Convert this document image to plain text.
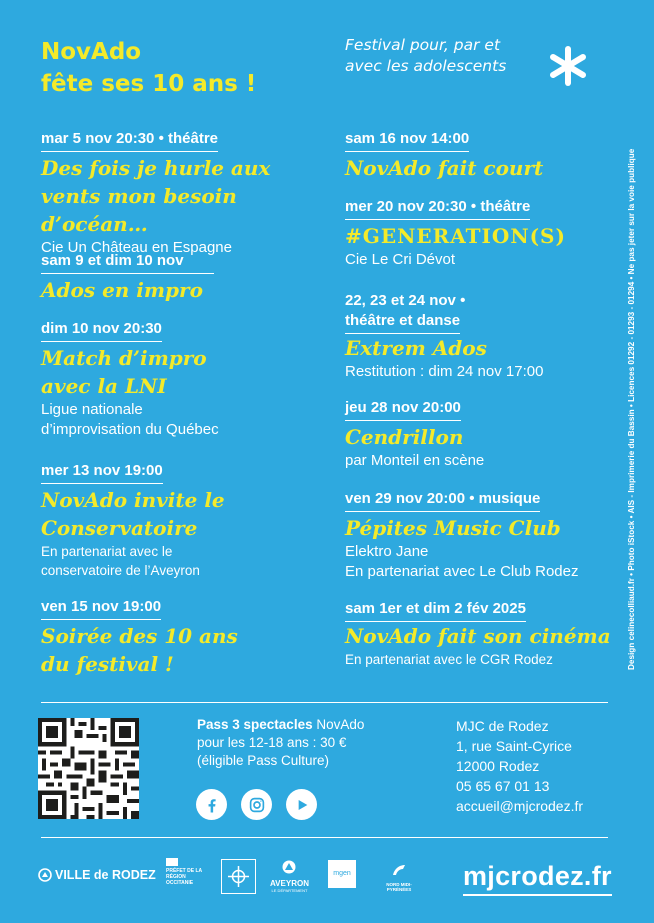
NovAdo
fête ses 10 ans !
Festival pour, par et avec les adolescents
mar 5 nov 20:30 • théâtre
Des fois je hurle aux vents mon besoin d’océan…
Cie Un Château en Espagne
sam 9 et dim 10 nov
Ados en impro
dim 10 nov 20:30
Match d’impro avec la LNI
Ligue nationale
d’improvisation du Québec
mer 13 nov 19:00
NovAdo invite le Conservatoire
En partenariat avec le
conservatoire de l’Aveyron
ven 15 nov 19:00
Soirée des 10 ans du festival !
sam 16 nov 14:00
NovAdo fait court
mer 20 nov 20:30 • théâtre
#GENERATION(S)
Cie Le Cri Dévot
22, 23 et 24 nov •
théâtre et danse
Extrem Ados
Restitution : dim 24 nov 17:00
jeu 28 nov 20:00
Cendrillon
par Monteil en scène
ven 29 nov 20:00 • musique
Pépites Music Club
Elektro Jane
En partenariat avec Le Club Rodez
sam 1er et dim 2 fév 2025
NovAdo fait son cinéma
En partenariat avec le CGR Rodez	Design celinecolliaud.fr • Photo iStock • AIS - Imprimerie du Bassin • Licences 01292 - 01293 - 01294 • Ne pas jeter sur la voie publique
Pass 3 spectacles NovAdo
pour les 12-18 ans : 30 €
(éligible Pass Culture)
MJC de Rodez
1, rue Saint-Cyrice
12000 Rodez
05 65 67 01 13
accueil@mjcrodez.fr
VILLE de RODEZ PRÉFET DE LA RÉGION OCCITANIE	AVEYRON
LE DÉPARTEMENT
mgen
NORD MIDI-PYRÉNÉES	mjcrodez.fr
